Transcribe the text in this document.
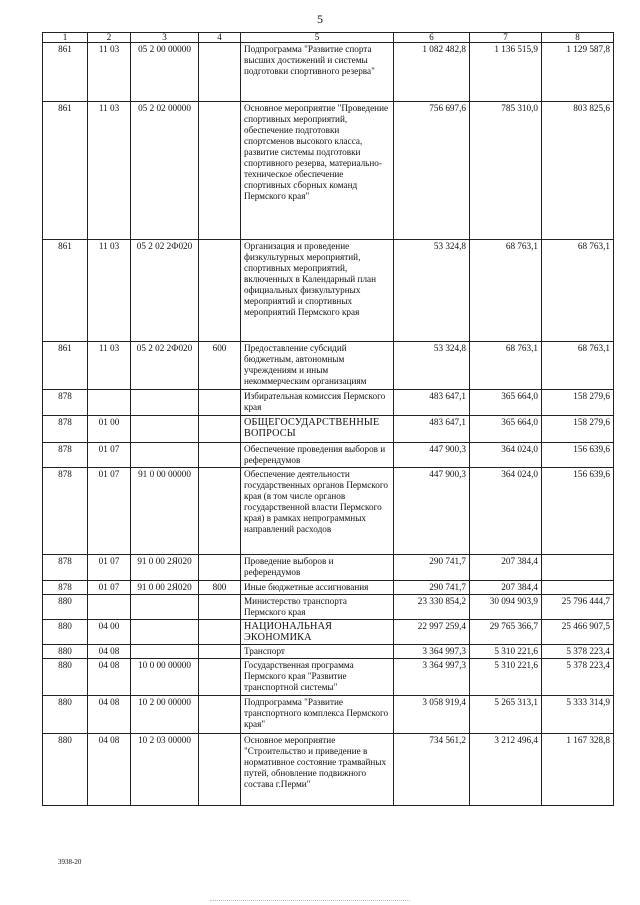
5
1	2	3	4	5	6	7	8
861	11 03	05 2 00 00000		Подпрограмма "Развитие спорта высших достижений и системы подготовки спортивного резерва"	1 082 482,8	1 136 515,9	1 129 587,8
861	11 03	05 2 02 00000		Основное мероприятие "Проведение спортивных мероприятий, обеспечение подготовки спортсменов высокого класса, развитие системы подготовки спортивного резерва, материально-техническое обеспечение спортивных сборных команд Пермского края"	756 697,6	785 310,0	803 825,6
861	11 03	05 2 02 2Ф020		Организация и проведение физкультурных мероприятий, спортивных мероприятий, включенных в Календарный план официальных физкультурных мероприятий и спортивных мероприятий Пермского края	53 324,8	68 763,1	68 763,1
861	11 03	05 2 02 2Ф020	600	Предоставление субсидий бюджетным, автономным учреждениям и иным некоммерческим организациям	53 324,8	68 763,1	68 763,1
878				Избирательная комиссия Пермского края	483 647,1	365 664,0	158 279,6
878	01 00			ОБЩЕГОСУДАРСТВЕННЫЕ ВОПРОСЫ	483 647,1	365 664,0	158 279,6
878	01 07			Обеспечение проведения выборов и референдумов	447 900,3	364 024,0	156 639,6
878	01 07	91 0 00 00000		Обеспечение деятельности государственных органов Пермского края (в том числе органов государственной власти Пермского края) в рамках непрограммных направлений расходов	447 900,3	364 024,0	156 639,6
878	01 07	91 0 00 2Я020		Проведение выборов и референдумов	290 741,7	207 384,4	
878	01 07	91 0 00 2Я020	800	Иные бюджетные ассигнования	290 741,7	207 384,4	
880				Министерство транспорта Пермского края	23 330 854,2	30 094 903,9	25 796 444,7
880	04 00			НАЦИОНАЛЬНАЯ ЭКОНОМИКА	22 997 259,4	29 765 366,7	25 466 907,5
880	04 08			Транспорт	3 364 997,3	5 310 221,6	5 378 223,4
880	04 08	10 0 00 00000		Государственная программа Пермского края "Развитие транспортной системы"	3 364 997,3	5 310 221,6	5 378 223,4
880	04 08	10 2 00 00000		Подпрограмма "Развитие транспортного комплекса Пермского края"	3 058 919,4	5 265 313,1	5 333 314,9
880	04 08	10 2 03 00000		Основное мероприятие "Строительство и приведение в нормативное состояние трамвайных путей, обновление подвижного состава г.Перми"	734 561,2	3 212 496,4	1 167 328,8
3938-20
